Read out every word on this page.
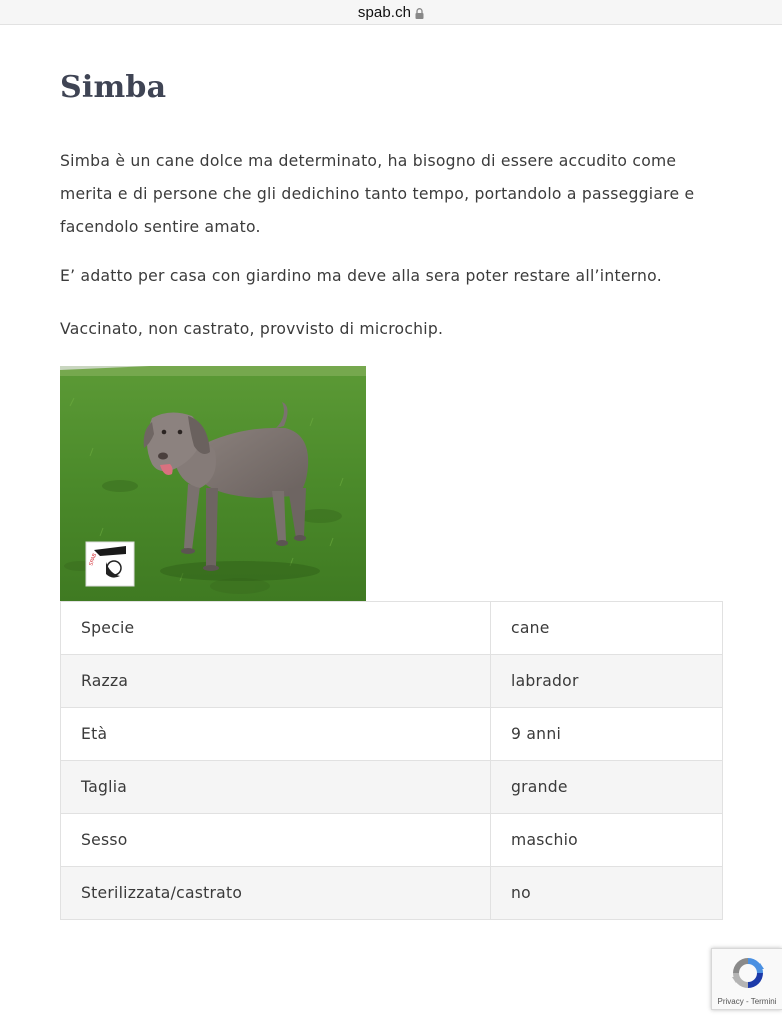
spab.ch
Simba

Simba è un cane dolce ma determinato, ha bisogno di essere accudito come merita e di persone che gli dedichino tanto tempo, portandolo a passeggiare e facendolo sentire amato.

E’ adatto per casa con giardino ma deve alla sera poter restare all’interno.

Vaccinato, non castrato, provvisto di microchip.

SPAB
Specie	cane
Razza	labrador
Età	9 anni
Taglia	grande
Sesso	maschio
Sterilizzata/castrato	no
Privacy - Termini
